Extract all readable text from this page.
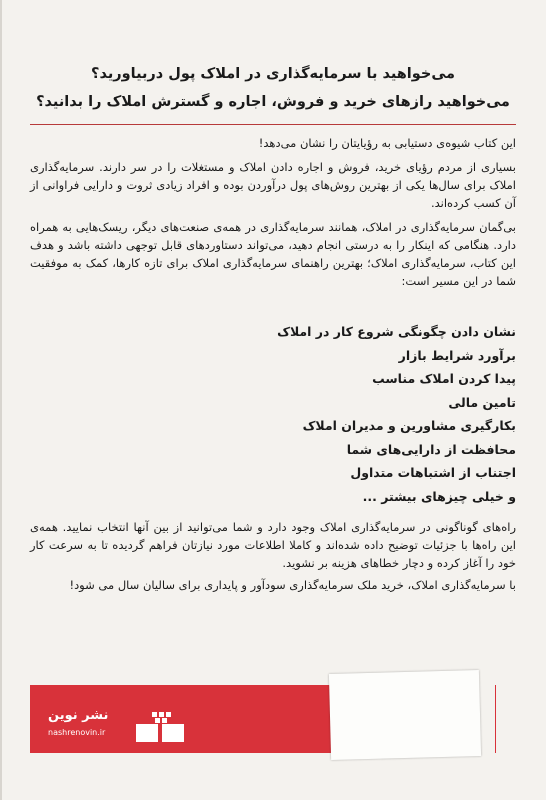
می‌خواهید با سرمایه‌گذاری در املاک پول دربیاورید؟

می‌خواهید رازهای خرید و فروش، اجاره و گسترش املاک را بدانید؟

این کتاب شیوه‌ی دستیابی به رؤیایتان را نشان می‌دهد!

بسیاری از مردم رؤیای خرید، فروش و اجاره دادن املاک و مستغلات را در سر دارند. سرمایه‌گذاری املاک برای سال‌ها یکی از بهترین روش‌های پول درآوردن بوده و افراد زیادی ثروت و دارایی فراوانی از آن کسب کرده‌اند.

بی‌گمان سرمایه‌گذاری در املاک، همانند سرمایه‌گذاری در همه‌ی صنعت‌های دیگر، ریسک‌هایی به همراه دارد. هنگامی که اینکار را به درستی انجام دهید، می‌تواند دستاوردهای قابل توجهی داشته باشد و هدف این کتاب، سرمایه‌گذاری املاک؛ بهترین راهنمای سرمایه‌گذاری املاک برای تازه کارها، کمک به موفقیت شما در این مسیر است:

نشان دادن چگونگی شروع کار در املاک
برآورد شرایط بازار
پیدا کردن املاک مناسب
تامین مالی
بکارگیری مشاورین و مدیران املاک
محافظت از دارایی‌های شما
اجتناب از اشتباهات متداول
و خیلی چیزهای بیشتر ...

راه‌های گوناگونی در سرمایه‌گذاری املاک وجود دارد و شما می‌توانید از بین آنها انتخاب نمایید. همه‌ی این راه‌ها با جزئیات توضیح داده شده‌اند و کاملا اطلاعات مورد نیازتان فراهم گردیده تا به سرعت کار خود را آغاز کرده و دچار خطاهای هزینه بر نشوید.

با سرمایه‌گذاری املاک، خرید ملک سرمایه‌گذاری سودآور و پایداری برای سالیان سال می شود!

نشر نوین
nashrenovin.ir
